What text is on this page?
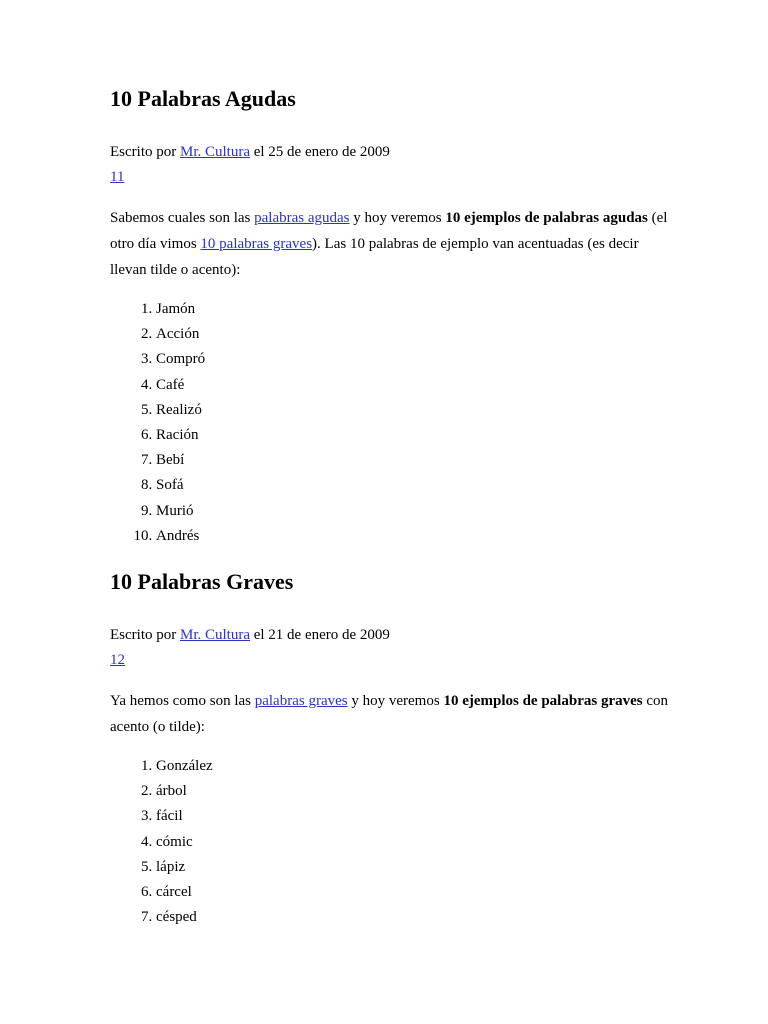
10 Palabras Agudas

Escrito por Mr. Cultura el 25 de enero de 2009

11

Sabemos cuales son las palabras agudas y hoy veremos 10 ejemplos de palabras agudas (el otro día vimos 10 palabras graves). Las 10 palabras de ejemplo van acentuadas (es decir llevan tilde o acento):

1. Jamón
2. Acción
3. Compró
4. Café
5. Realizó
6. Ración
7. Bebí
8. Sofá
9. Murió
10. Andrés
10 Palabras Graves

Escrito por Mr. Cultura el 21 de enero de 2009

12

Ya hemos como son las palabras graves y hoy veremos 10 ejemplos de palabras graves con acento (o tilde):

1. González
2. árbol
3. fácil
4. cómic
5. lápiz
6. cárcel
7. césped
